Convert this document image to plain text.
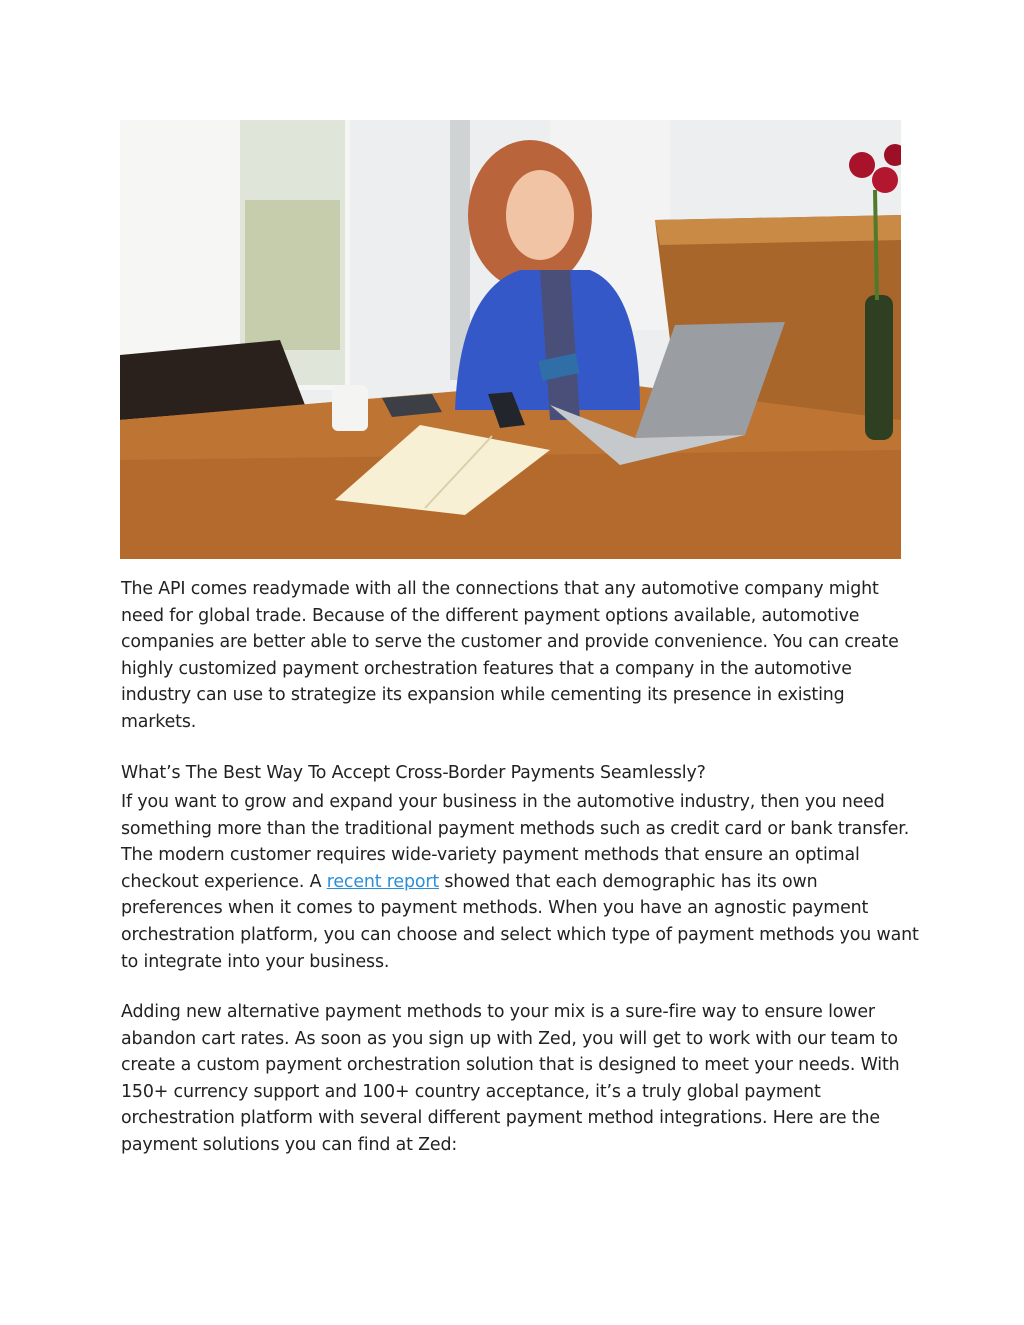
The API comes readymade with all the connections that any automotive company might need for global trade. Because of the different payment options available, automotive companies are better able to serve the customer and provide convenience. You can create highly customized payment orchestration features that a company in the automotive industry can use to strategize its expansion while cementing its presence in existing markets.

What’s The Best Way To Accept Cross-Border Payments Seamlessly?

If you want to grow and expand your business in the automotive industry, then you need something more than the traditional payment methods such as credit card or bank transfer. The modern customer requires wide-variety payment methods that ensure an optimal checkout experience. A recent report showed that each demographic has its own preferences when it comes to payment methods. When you have an agnostic payment orchestration platform, you can choose and select which type of payment methods you want to integrate into your business.

Adding new alternative payment methods to your mix is a sure-fire way to ensure lower abandon cart rates. As soon as you sign up with Zed, you will get to work with our team to create a custom payment orchestration solution that is designed to meet your needs. With 150+ currency support and 100+ country acceptance, it’s a truly global payment orchestration platform with several different payment method integrations. Here are the payment solutions you can find at Zed:
